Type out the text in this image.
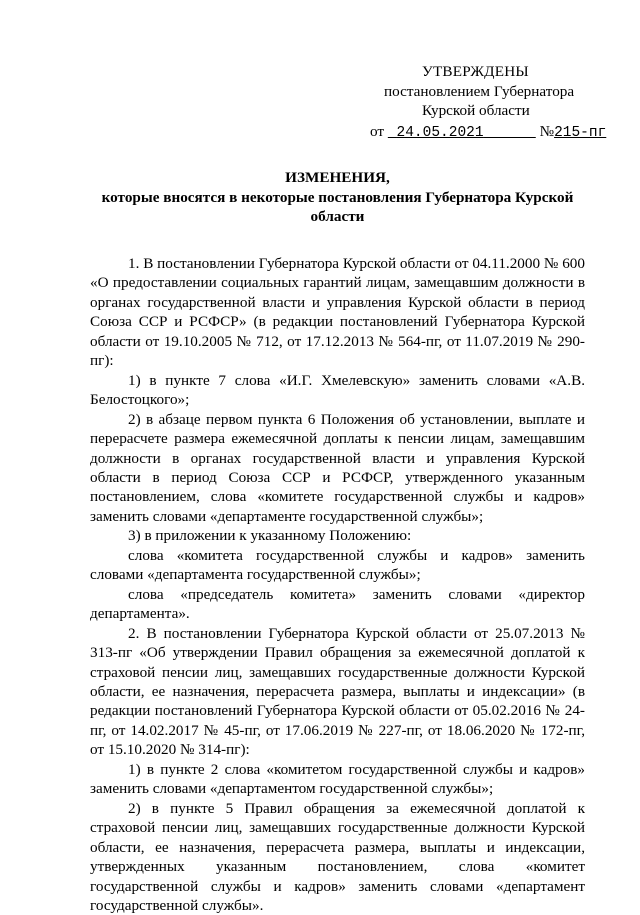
УТВЕРЖДЕНЫ
постановлением Губернатора
Курской области
от  24.05.2021	№215-пг
ИЗМЕНЕНИЯ,
которые вносятся в некоторые постановления Губернатора Курской области

1. В постановлении Губернатора Курской области от 04.11.2000 № 600 «О предоставлении социальных гарантий лицам, замещавшим должности в органах государственной власти и управления Курской области в период Союза ССР и РСФСР» (в редакции постановлений Губернатора Курской области от 19.10.2005 № 712, от 17.12.2013 № 564-пг, от 11.07.2019 № 290-пг):

1) в пункте 7 слова «И.Г. Хмелевскую» заменить словами «А.В. Белостоцкого»;

2) в абзаце первом пункта 6 Положения об установлении, выплате и перерасчете размера ежемесячной доплаты к пенсии лицам, замещавшим должности в органах государственной власти и управления Курской области в период Союза ССР и РСФСР, утвержденного указанным постановлением, слова «комитете государственной службы и кадров» заменить словами «департаменте государственной службы»;

3) в приложении к указанному Положению:

слова «комитета государственной службы и кадров» заменить словами «департамента государственной службы»;

слова «председатель комитета» заменить словами «директор департамента».

2. В постановлении Губернатора Курской области от 25.07.2013 № 313-пг «Об утверждении Правил обращения за ежемесячной доплатой к страховой пенсии лиц, замещавших государственные должности Курской области, ее назначения, перерасчета размера, выплаты и индексации» (в редакции постановлений Губернатора Курской области от 05.02.2016 № 24-пг, от 14.02.2017 № 45-пг, от 17.06.2019 № 227-пг, от 18.06.2020 № 172-пг, от 15.10.2020 № 314-пг):

1) в пункте 2 слова «комитетом государственной службы и кадров» заменить словами «департаментом государственной службы»;

2) в пункте 5 Правил обращения за ежемесячной доплатой к страховой пенсии лиц, замещавших государственные должности Курской области, ее назначения, перерасчета размера, выплаты и индексации, утвержденных указанным постановлением, слова «комитет государственной службы и кадров» заменить словами «департамент государственной службы».
